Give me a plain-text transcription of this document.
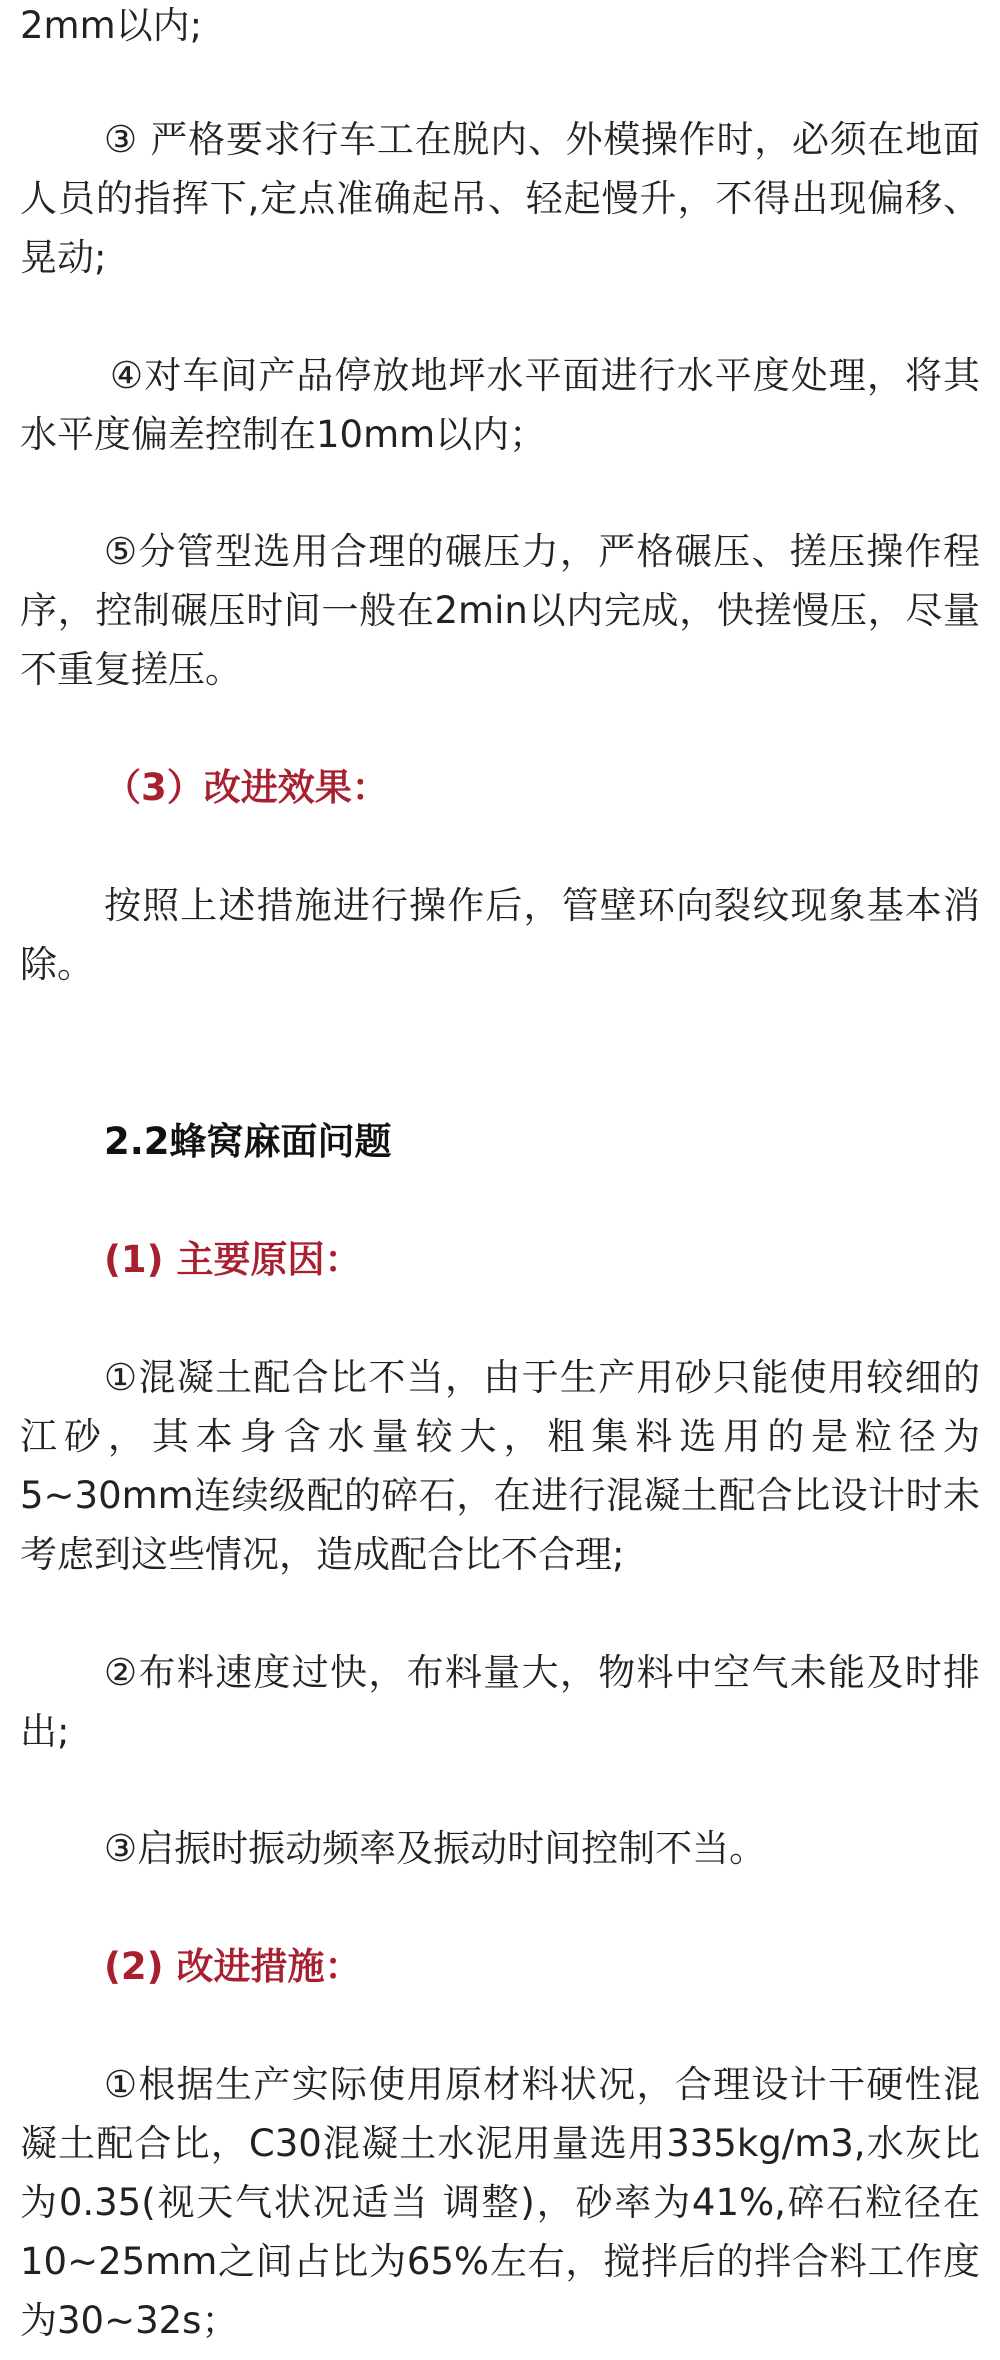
2mm以内;

③ 严格要求行车工在脱内、外模操作时，必须在地面人员的指挥下,定点准确起吊、轻起慢升，不得出现偏移、晃动;

④对车间产品停放地坪水平面进行水平度处理，将其水平度偏差控制在10mm以内；

⑤分管型选用合理的碾压力，严格碾压、搓压操作程序，控制碾压时间一般在2min以内完成，快搓慢压，尽量不重复搓压。

（3）改进效果：

按照上述措施进行操作后，管壁环向裂纹现象基本消除。

2.2蜂窝麻面问题

(1) 主要原因：

①混凝土配合比不当，由于生产用砂只能使用较细的江砂，其本身含水量较大，粗集料选用的是粒径为5~30mm连续级配的碎石，在进行混凝土配合比设计时未考虑到这些情况，造成配合比不合理;

②布料速度过快，布料量大，物料中空气未能及时排出;

③启振时振动频率及振动时间控制不当。

(2) 改进措施：

①根据生产实际使用原材料状况，合理设计干硬性混凝土配合比，C30混凝土水泥用量选用335kg/m3,水灰比为0.35(视天气状况适当 调整)，砂率为41%,碎石粒径在10~25mm之间占比为65%左右，搅拌后的拌合料工作度为30~32s；
